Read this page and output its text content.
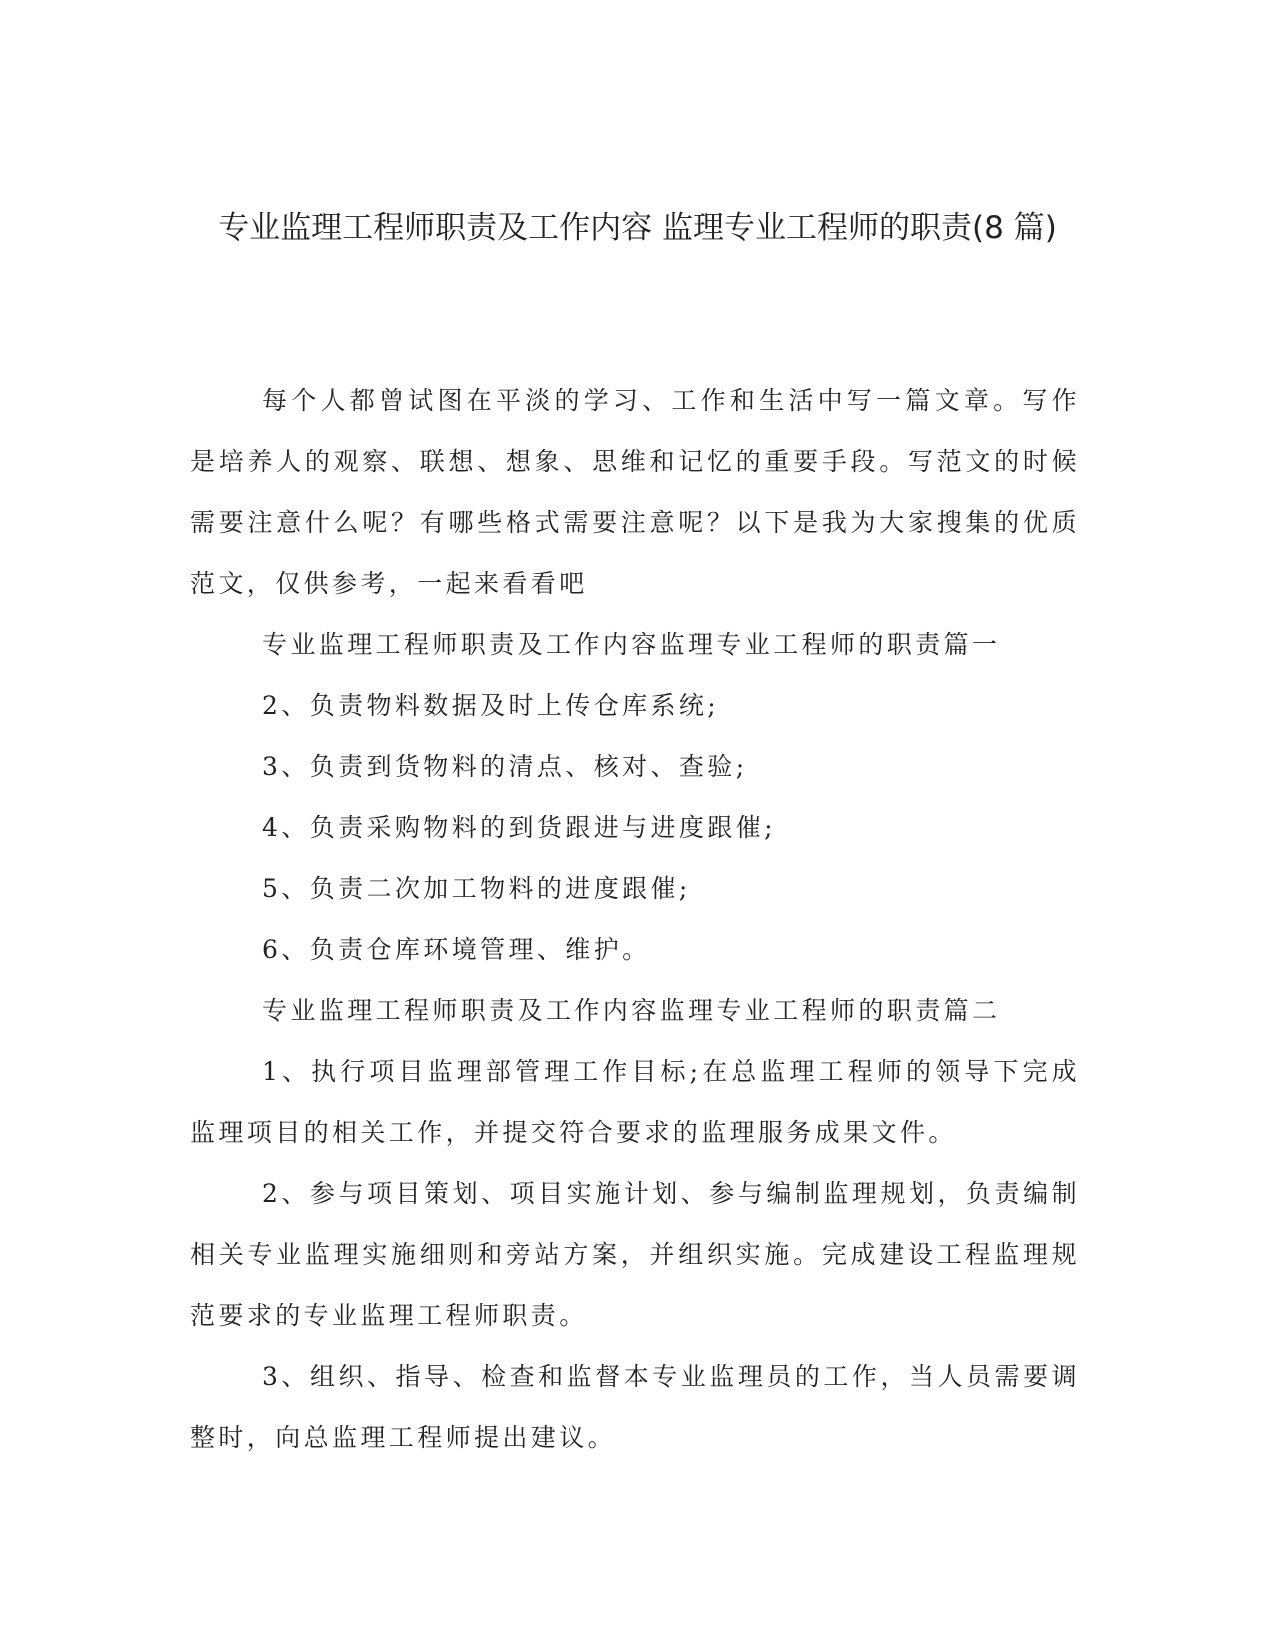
专业监理工程师职责及工作内容 监理专业工程师的职责(8 篇)

每个人都曾试图在平淡的学习、工作和生活中写一篇文章。写作是培养人的观察、联想、想象、思维和记忆的重要手段。写范文的时候需要注意什么呢？有哪些格式需要注意呢？以下是我为大家搜集的优质范文，仅供参考，一起来看看吧

专业监理工程师职责及工作内容监理专业工程师的职责篇一

2、负责物料数据及时上传仓库系统;

3、负责到货物料的清点、核对、查验;

4、负责采购物料的到货跟进与进度跟催;

5、负责二次加工物料的进度跟催;

6、负责仓库环境管理、维护。

专业监理工程师职责及工作内容监理专业工程师的职责篇二

1、执行项目监理部管理工作目标;在总监理工程师的领导下完成监理项目的相关工作，并提交符合要求的监理服务成果文件。

2、参与项目策划、项目实施计划、参与编制监理规划，负责编制相关专业监理实施细则和旁站方案，并组织实施。完成建设工程监理规范要求的专业监理工程师职责。

3、组织、指导、检查和监督本专业监理员的工作，当人员需要调整时，向总监理工程师提出建议。
